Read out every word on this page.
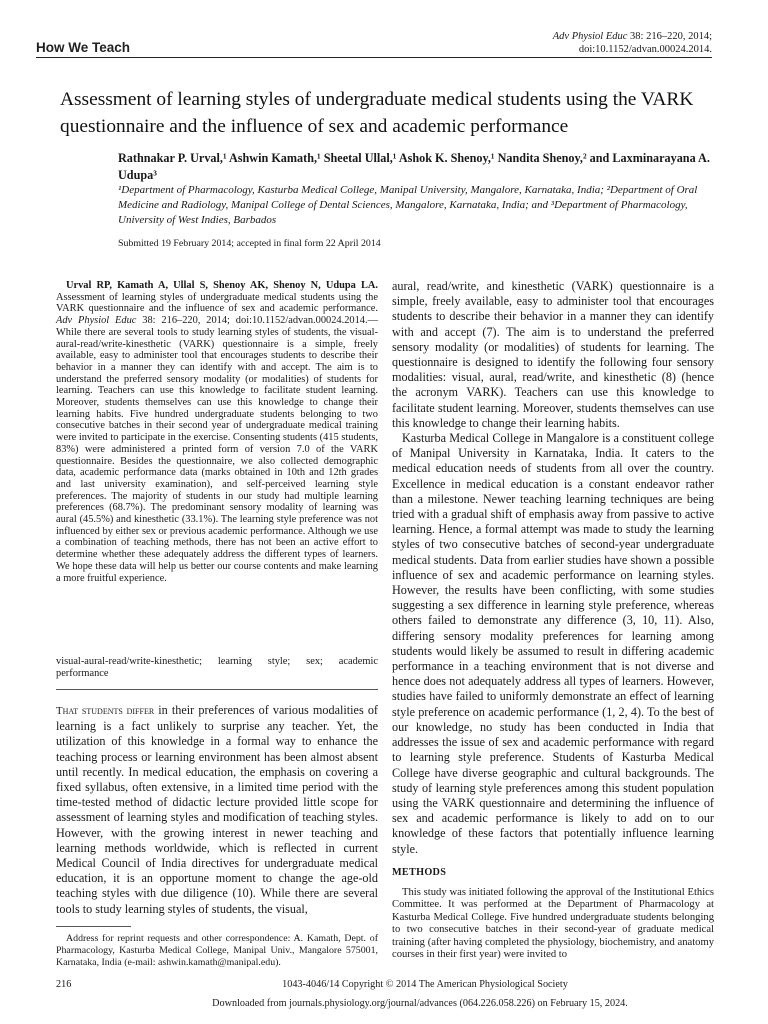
How We Teach
Adv Physiol Educ 38: 216–220, 2014;
doi:10.1152/advan.00024.2014.
Assessment of learning styles of undergraduate medical students using the VARK questionnaire and the influence of sex and academic performance
Rathnakar P. Urval,¹ Ashwin Kamath,¹ Sheetal Ullal,¹ Ashok K. Shenoy,¹ Nandita Shenoy,² and Laxminarayana A. Udupa³
¹Department of Pharmacology, Kasturba Medical College, Manipal University, Mangalore, Karnataka, India; ²Department of Oral Medicine and Radiology, Manipal College of Dental Sciences, Mangalore, Karnataka, India; and ³Department of Pharmacology, University of West Indies, Barbados
Submitted 19 February 2014; accepted in final form 22 April 2014
Urval RP, Kamath A, Ullal S, Shenoy AK, Shenoy N, Udupa LA. Assessment of learning styles of undergraduate medical students using the VARK questionnaire and the influence of sex and academic performance. Adv Physiol Educ 38: 216–220, 2014; doi:10.1152/advan.00024.2014.—While there are several tools to study learning styles of students, the visual-aural-read/write-kinesthetic (VARK) questionnaire is a simple, freely available, easy to administer tool that encourages students to describe their behavior in a manner they can identify with and accept. The aim is to understand the preferred sensory modality (or modalities) of students for learning. Teachers can use this knowledge to facilitate student learning. Moreover, students themselves can use this knowledge to change their learning habits. Five hundred undergraduate students belonging to two consecutive batches in their second year of undergraduate medical training were invited to participate in the exercise. Consenting students (415 students, 83%) were administered a printed form of version 7.0 of the VARK questionnaire. Besides the questionnaire, we also collected demographic data, academic performance data (marks obtained in 10th and 12th grades and last university examination), and self-perceived learning style preferences. The majority of students in our study had multiple learning preferences (68.7%). The predominant sensory modality of learning was aural (45.5%) and kinesthetic (33.1%). The learning style preference was not influenced by either sex or previous academic performance. Although we use a combination of teaching methods, there has not been an active effort to determine whether these adequately address the different types of learners. We hope these data will help us better our course contents and make learning a more fruitful experience.
visual-aural-read/write-kinesthetic; learning style; sex; academic performance
That students differ in their preferences of various modalities of learning is a fact unlikely to surprise any teacher. Yet, the utilization of this knowledge in a formal way to enhance the teaching process or learning environment has been almost absent until recently. In medical education, the emphasis on covering a fixed syllabus, often extensive, in a limited time period with the time-tested method of didactic lecture provided little scope for assessment of learning styles and modification of teaching styles. However, with the growing interest in newer teaching and learning methods worldwide, which is reflected in current Medical Council of India directives for undergraduate medical education, it is an opportune moment to change the age-old teaching styles with due diligence (10). While there are several tools to study learning styles of students, the visual,
Address for reprint requests and other correspondence: A. Kamath, Dept. of Pharmacology, Kasturba Medical College, Manipal Univ., Mangalore 575001, Karnataka, India (e-mail: ashwin.kamath@manipal.edu).

aural, read/write, and kinesthetic (VARK) questionnaire is a simple, freely available, easy to administer tool that encourages students to describe their behavior in a manner they can identify with and accept (7). The aim is to understand the preferred sensory modality (or modalities) of students for learning. The questionnaire is designed to identify the following four sensory modalities: visual, aural, read/write, and kinesthetic (8) (hence the acronym VARK). Teachers can use this knowledge to facilitate student learning. Moreover, students themselves can use this knowledge to change their learning habits.

Kasturba Medical College in Mangalore is a constituent college of Manipal University in Karnataka, India. It caters to the medical education needs of students from all over the country. Excellence in medical education is a constant endeavor rather than a milestone. Newer teaching learning techniques are being tried with a gradual shift of emphasis away from passive to active learning. Hence, a formal attempt was made to study the learning styles of two consecutive batches of second-year undergraduate medical students. Data from earlier studies have shown a possible influence of sex and academic performance on learning styles. However, the results have been conflicting, with some studies suggesting a sex difference in learning style preference, whereas others failed to demonstrate any difference (3, 10, 11). Also, differing sensory modality preferences for learning among students would likely be assumed to result in differing academic performance in a teaching environment that is not diverse and hence does not adequately address all types of learners. However, studies have failed to uniformly demonstrate an effect of learning style preference on academic performance (1, 2, 4). To the best of our knowledge, no study has been conducted in India that addresses the issue of sex and academic performance with regard to learning style preference. Students of Kasturba Medical College have diverse geographic and cultural backgrounds. The study of learning style preferences among this student population using the VARK questionnaire and determining the influence of sex and academic performance is likely to add on to our knowledge of these factors that potentially influence learning style.

METHODS
This study was initiated following the approval of the Institutional Ethics Committee. It was performed at the Department of Pharmacology at Kasturba Medical College. Five hundred undergraduate students belonging to two consecutive batches in their second-year of graduate medical training (after having completed the physiology, biochemistry, and anatomy courses in their first year) were invited to
216	1043-4046/14 Copyright © 2014 The American Physiological Society
Downloaded from journals.physiology.org/journal/advances (064.226.058.226) on February 15, 2024.
